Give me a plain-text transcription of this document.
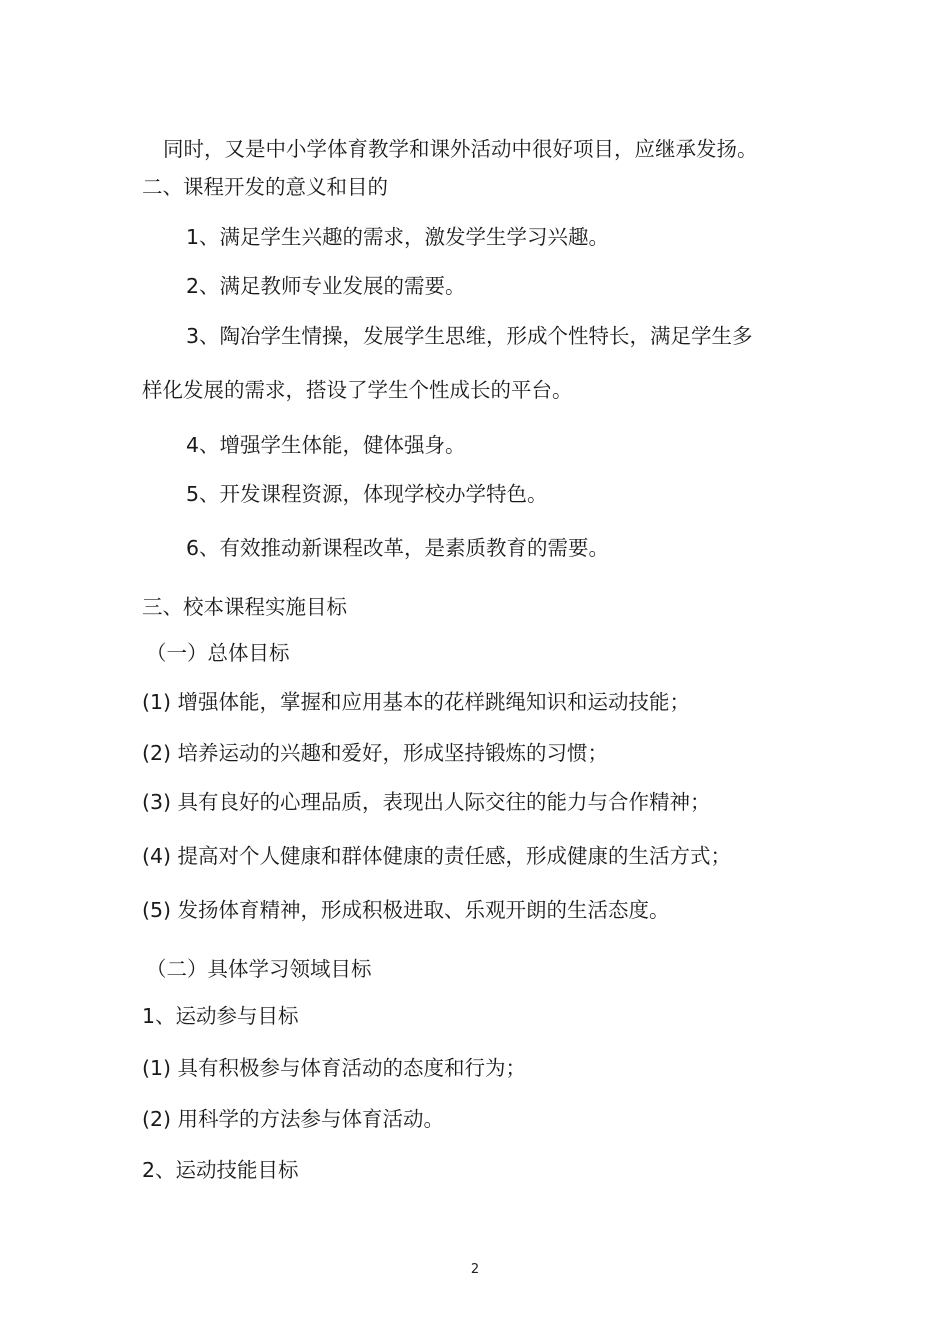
同时，又是中小学体育教学和课外活动中很好项目，应继承发扬。
二、课程开发的意义和目的
1、满足学生兴趣的需求，激发学生学习兴趣。
2、满足教师专业发展的需要。
3、陶冶学生情操，发展学生思维，形成个性特长，满足学生多
样化发展的需求，搭设了学生个性成长的平台。
4、增强学生体能，健体强身。
5、开发课程资源，体现学校办学特色。
6、有效推动新课程改革，是素质教育的需要。
三、校本课程实施目标
（一）总体目标
(1) 增强体能，掌握和应用基本的花样跳绳知识和运动技能；
(2) 培养运动的兴趣和爱好，形成坚持锻炼的习惯；
(3) 具有良好的心理品质，表现出人际交往的能力与合作精神；
(4) 提高对个人健康和群体健康的责任感，形成健康的生活方式；
(5) 发扬体育精神，形成积极进取、乐观开朗的生活态度。
（二）具体学习领域目标
1、运动参与目标
(1) 具有积极参与体育活动的态度和行为；
(2) 用科学的方法参与体育活动。
2、运动技能目标
2
